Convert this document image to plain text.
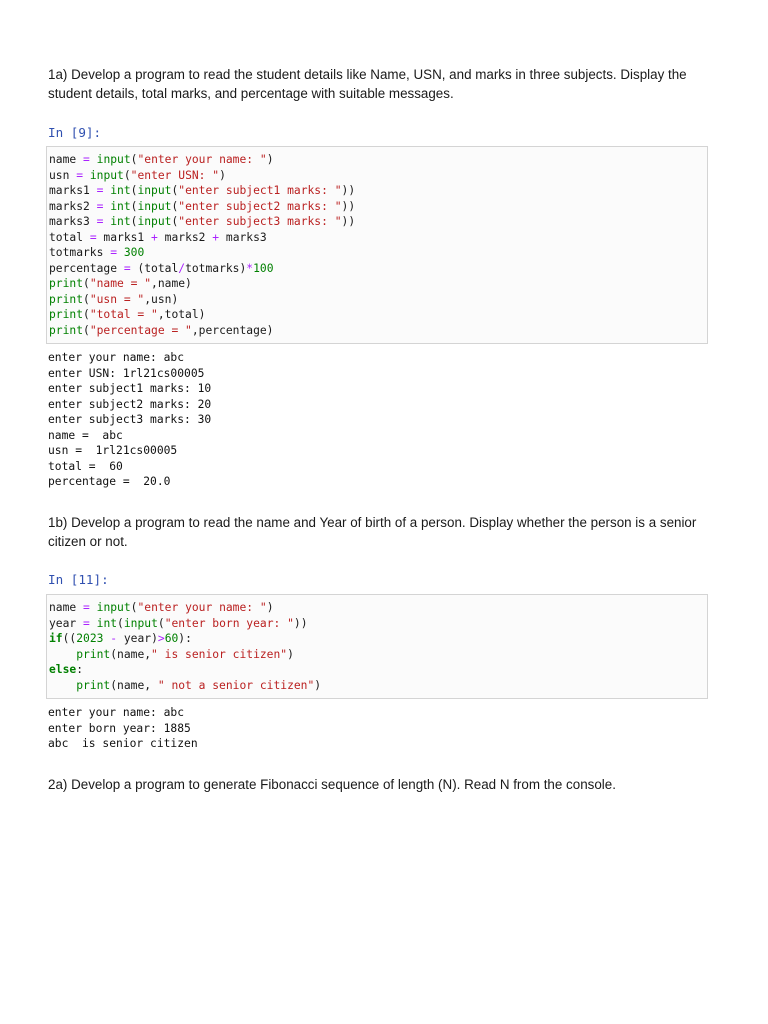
1a) Develop a program to read the student details like Name, USN, and marks in three subjects. Display the student details, total marks, and percentage with suitable messages.

In [9]:
name = input("enter your name: ")
usn = input("enter USN: ")
marks1 = int(input("enter subject1 marks: "))
marks2 = int(input("enter subject2 marks: "))
marks3 = int(input("enter subject3 marks: "))
total = marks1 + marks2 + marks3
totmarks = 300
percentage = (total/totmarks)*100
print("name = ",name)
print("usn = ",usn)
print("total = ",total)
print("percentage = ",percentage)
enter your name: abc
enter USN: 1rl21cs00005
enter subject1 marks: 10
enter subject2 marks: 20
enter subject3 marks: 30
name =  abc
usn =  1rl21cs00005
total =  60
percentage =  20.0

1b) Develop a program to read the name and Year of birth of a person. Display whether the person is a senior citizen or not.

In [11]:
name = input("enter your name: ")
year = int(input("enter born year: "))
if((2023 - year)>60):
print(name," is senior citizen")
else:
print(name, " not a senior citizen")
enter your name: abc
enter born year: 1885
abc  is senior citizen

2a) Develop a program to generate Fibonacci sequence of length (N). Read N from the console.
